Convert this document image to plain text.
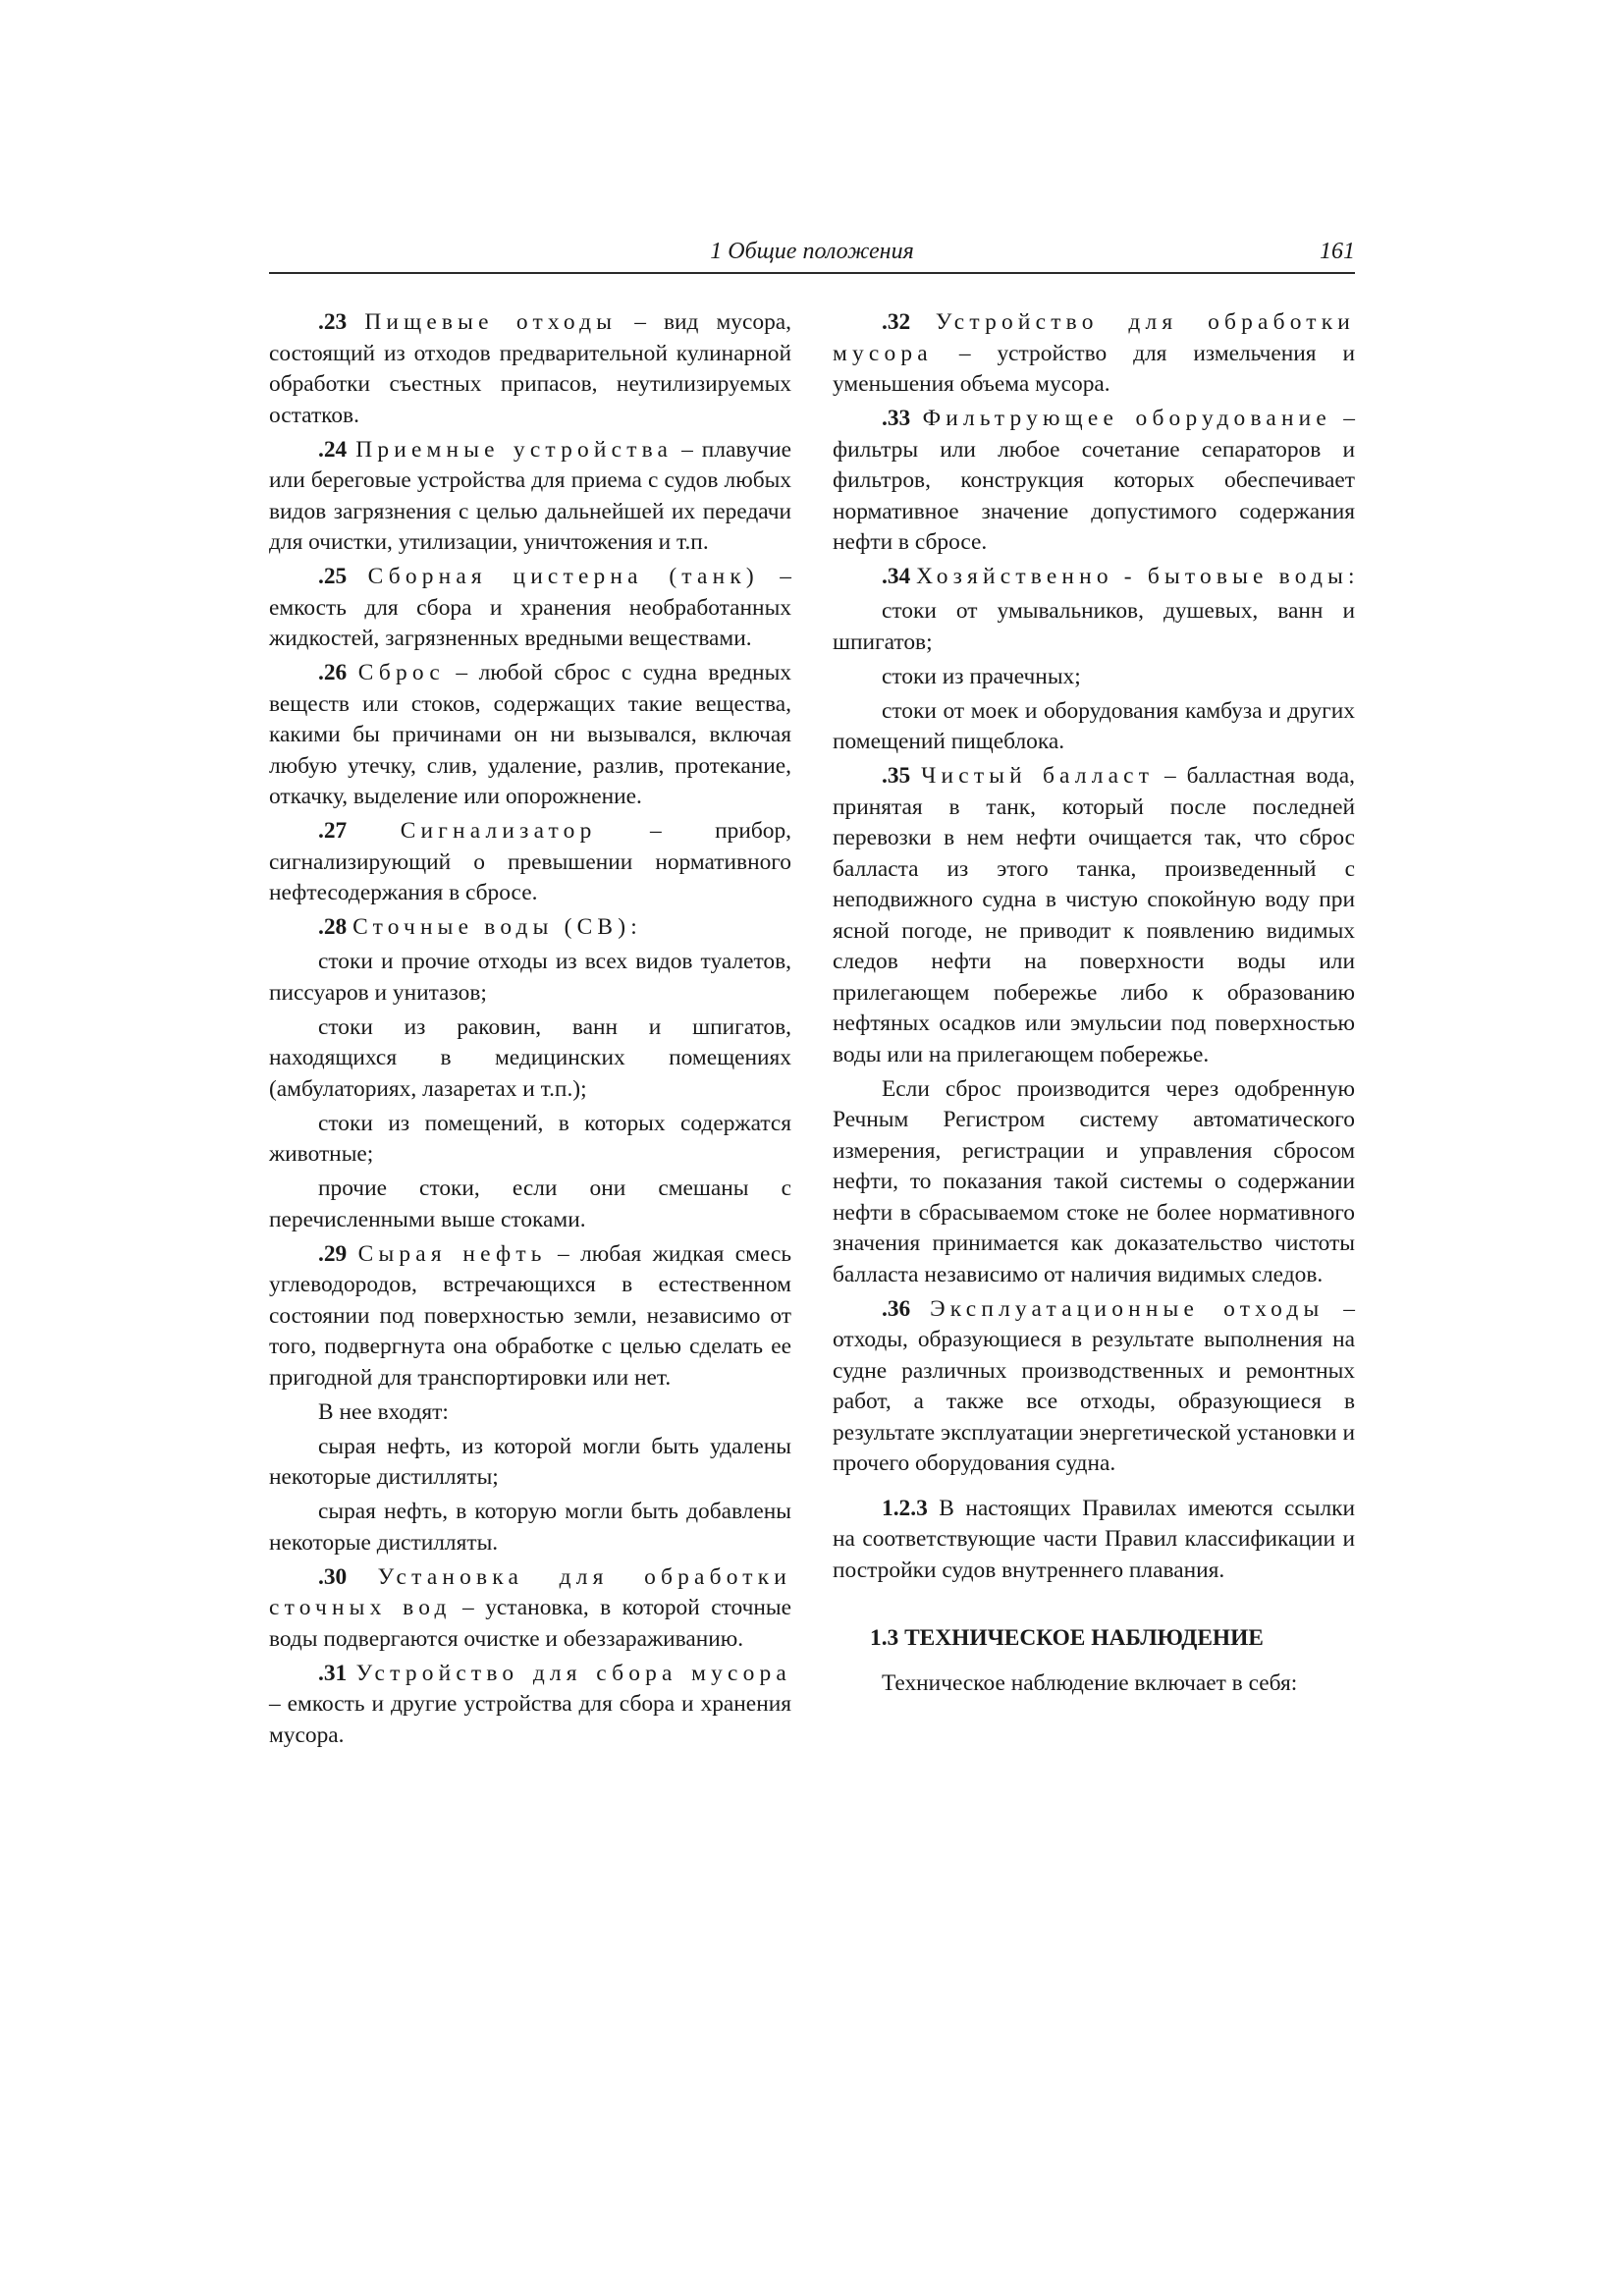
1 Общие положения	161

.23 Пищевые отходы – вид мусора, состоящий из отходов предварительной кулинарной обработки съестных припасов, неутилизируемых остатков.

.24 Приемные устройства – плавучие или береговые устройства для приема с судов любых видов загрязнения с целью дальнейшей их передачи для очистки, утилизации, уничтожения и т.п.

.25 Сборная цистерна (танк) – емкость для сбора и хранения необработанных жидкостей, загрязненных вредными веществами.

.26 Сброс – любой сброс с судна вредных веществ или стоков, содержащих такие вещества, какими бы причинами он ни вызывался, включая любую утечку, слив, удаление, разлив, протекание, откачку, выделение или опорожнение.

.27 Сигнализатор – прибор, сигнализирующий о превышении нормативного нефтесодержания в сбросе.

.28 Сточные воды (СВ):

стоки и прочие отходы из всех видов туалетов, писсуаров и унитазов;

стоки из раковин, ванн и шпигатов, находящихся в медицинских помещениях (амбулаториях, лазаретах и т.п.);

стоки из помещений, в которых содержатся животные;

прочие стоки, если они смешаны с перечисленными выше стоками.

.29 Сырая нефть – любая жидкая смесь углеводородов, встречающихся в естественном состоянии под поверхностью земли, независимо от того, подвергнута она обработке с целью сделать ее пригодной для транспортировки или нет.

В нее входят:

сырая нефть, из которой могли быть удалены некоторые дистилляты;

сырая нефть, в которую могли быть добавлены некоторые дистилляты.

.30 Установка для обработки сточных вод – установка, в которой сточные воды подвергаются очистке и обеззараживанию.

.31 Устройство для сбора мусора – емкость и другие устройства для сбора и хранения мусора.

.32 Устройство для обработки мусора – устройство для измельчения и уменьшения объема мусора.

.33 Фильтрующее оборудование – фильтры или любое сочетание сепараторов и фильтров, конструкция которых обеспечивает нормативное значение допустимого содержания нефти в сбросе.

.34 Хозяйственно - бытовые воды:

стоки от умывальников, душевых, ванн и шпигатов;

стоки из прачечных;

стоки от моек и оборудования камбуза и других помещений пищеблока.

.35 Чистый балласт – балластная вода, принятая в танк, который после последней перевозки в нем нефти очищается так, что сброс балласта из этого танка, произведенный с неподвижного судна в чистую спокойную воду при ясной погоде, не приводит к появлению видимых следов нефти на поверхности воды или прилегающем побережье либо к образованию нефтяных осадков или эмульсии под поверхностью воды или на прилегающем побережье.

Если сброс производится через одобренную Речным Регистром систему автоматического измерения, регистрации и управления сбросом нефти, то показания такой системы о содержании нефти в сбрасываемом стоке не более нормативного значения принимается как доказательство чистоты балласта независимо от наличия видимых следов.

.36 Эксплуатационные отходы – отходы, образующиеся в результате выполнения на судне различных производственных и ремонтных работ, а также все отходы, образующиеся в результате эксплуатации энергетической установки и прочего оборудования судна.

1.2.3 В настоящих Правилах имеются ссылки на соответствующие части Правил классификации и постройки судов внутреннего плавания.

1.3 ТЕХНИЧЕСКОЕ НАБЛЮДЕНИЕ

Техническое наблюдение включает в себя:
